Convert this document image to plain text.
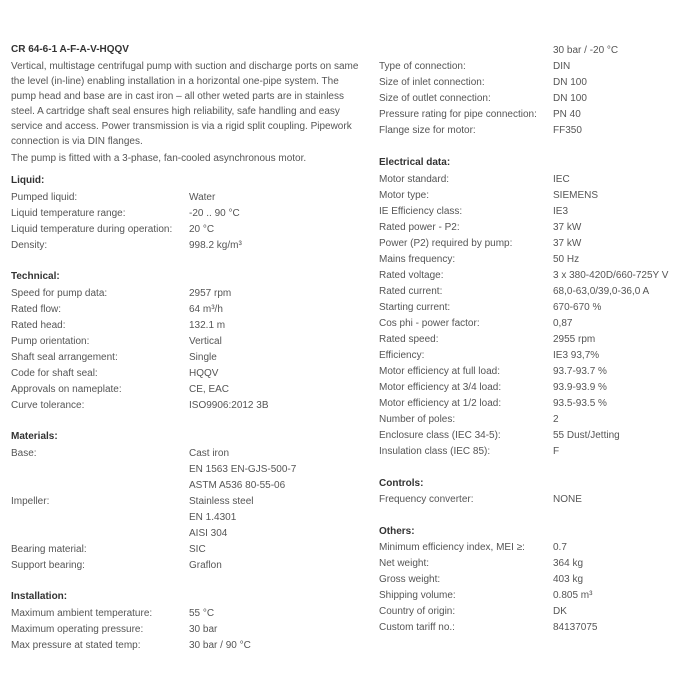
CR 64-6-1 A-F-A-V-HQQV
Vertical, multistage centrifugal pump with suction and discharge ports on same the level (in-line) enabling installation in a horizontal one-pipe system. The pump head and base are in cast iron – all other weted parts are in stainless steel. A cartridge shaft seal ensures high reliability, safe handling and easy service and access. Power transmission is via a rigid split coupling. Pipework connection is via DIN flanges.
The pump is fitted with a 3-phase, fan-cooled asynchronous motor.
Liquid:
Pumped liquid:	Water
Liquid temperature range:	-20 .. 90 °C
Liquid temperature during operation: 20 °C
Density:	998.2 kg/m³
Technical:
Speed for pump data:	2957 rpm
Rated flow:	64 m³/h
Rated head:	132.1 m
Pump orientation:	Vertical
Shaft seal arrangement:	Single
Code for shaft seal:	HQQV
Approvals on nameplate:	CE, EAC
Curve tolerance:	ISO9906:2012 3B
Materials:
Base:	Cast iron
EN 1563 EN-GJS-500-7
ASTM A536 80-55-06
Impeller:	Stainless steel
EN 1.4301
AISI 304
Bearing material:	SIC
Support bearing:	Graflon
Installation:
Maximum ambient temperature:	55 °C
Maximum operating pressure:	30 bar
Max pressure at stated temp:	30 bar / 90 °C
30 bar / -20 °C
Type of connection:	DIN
Size of inlet connection:	DN 100
Size of outlet connection:	DN 100
Pressure rating for pipe connection: PN 40
Flange size for motor:	FF350
Electrical data:
Motor standard:	IEC
Motor type:	SIEMENS
IE Efficiency class:	IE3
Rated power - P2:	37 kW
Power (P2) required by pump:	37 kW
Mains frequency:	50 Hz
Rated voltage:	3 x 380-420D/660-725Y V
Rated current:	68,0-63,0/39,0-36,0 A
Starting current:	670-670 %
Cos phi - power factor:	0,87
Rated speed:	2955 rpm
Efficiency:	IE3 93,7%
Motor efficiency at full load:	93.7-93.7 %
Motor efficiency at 3/4 load:	93.9-93.9 %
Motor efficiency at 1/2 load:	93.5-93.5 %
Number of poles:	2
Enclosure class (IEC 34-5):	55 Dust/Jetting
Insulation class (IEC 85):	F
Controls:
Frequency converter:	NONE
Others:
Minimum efficiency index, MEI ≥:	0.7
Net weight:	364 kg
Gross weight:	403 kg
Shipping volume:	0.805 m³
Country of origin:	DK
Custom tariff no.:	84137075
